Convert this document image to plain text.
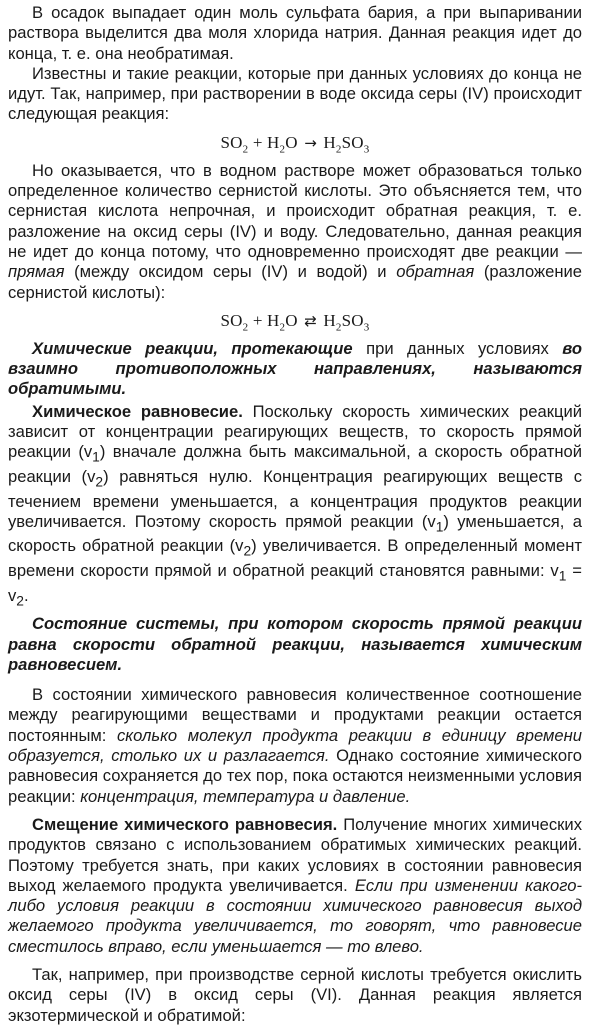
В осадок выпадает один моль сульфата бария, а при выпаривании раствора выделится два моля хлорида натрия. Данная реакция идет до конца, т. е. она необратимая.

Известны и такие реакции, которые при данных условиях до конца не идут. Так, например, при растворении в воде оксида серы (IV) происходит следующая реакция:

$SO_2 + H_2O \to H_2SO_3$

Но оказывается, что в водном растворе может образоваться только определенное количество сернистой кислоты. Это объясняется тем, что сернистая кислота непрочная, и происходит обратная реакция, т. е. разложение на оксид серы (IV) и воду. Следовательно, данная реакция не идет до конца потому, что одновременно происходят две реакции — прямая (между оксидом серы (IV) и водой) и обратная (разложение сернистой кислоты):

$SO_2 + H_2O$ ⇄ $H_2SO_3$

Химические реакции, протекающие при данных условиях во взаимно противоположных направлениях, называются обратимыми.

Химическое равновесие. Поскольку скорость химических реакций зависит от концентрации реагирующих веществ, то скорость прямой реакции $(v_1)$ вначале должна быть максимальной, а скорость обратной реакции $(v_2)$ равняться нулю. Концентрация реагирующих веществ с течением времени уменьшается, а концентрация продуктов реакции увеличивается. Поэтому скорость прямой реакции $(v_1)$ уменьшается, а скорость обратной реакции $(v_2)$ увеличивается. В определенный момент времени скорости прямой и обратной реакций становятся равными: $v_1 = v_2$.

Состояние системы, при котором скорость прямой реакции равна скорости обратной реакции, называется химическим равновесием.

В состоянии химического равновесия количественное соотношение между реагирующими веществами и продуктами реакции остается постоянным: сколько молекул продукта реакции в единицу времени образуется, столько их и разлагается. Однако состояние химического равновесия сохраняется до тех пор, пока остаются неизменными условия реакции: концентрация, температура и давление.

Смещение химического равновесия. Получение многих химических продуктов связано с использованием обратимых химических реакций. Поэтому требуется знать, при каких условиях в состоянии равновесия выход желаемого продукта увеличивается. Если при изменении какого-либо условия реакции в состоянии химического равновесия выход желаемого продукта увеличивается, то говорят, что равновесие сместилось вправо, если уменьшается — то влево.

Так, например, при производстве серной кислоты требуется окислить оксид серы (IV) в оксид серы (VI). Данная реакция является экзотермической и обратимой:
